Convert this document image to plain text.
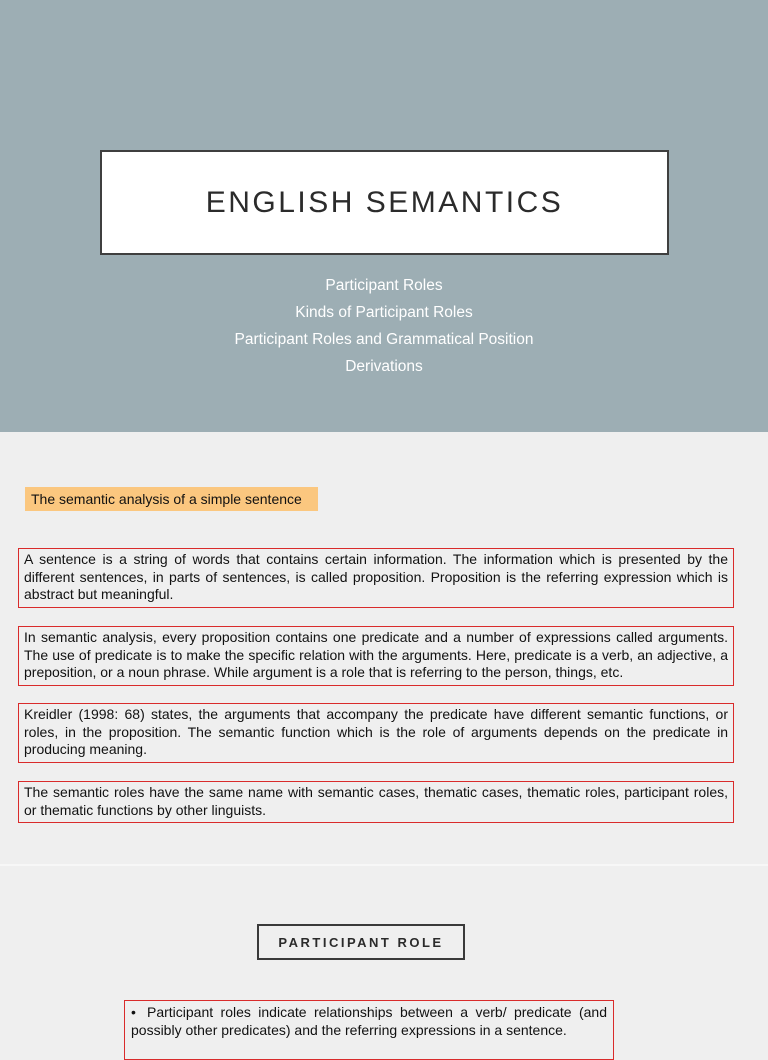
ENGLISH SEMANTICS
Participant Roles
Kinds of Participant Roles
Participant Roles and Grammatical Position
Derivations
The semantic analysis of a simple sentence
A sentence is a string of words that contains certain information. The information which is presented by the different sentences, in parts of sentences, is called proposition. Proposition is the referring expression which is abstract but meaningful.
In semantic analysis, every proposition contains one predicate and a number of expressions called arguments. The use of predicate is to make the specific relation with the arguments. Here, predicate is a verb, an adjective, a preposition, or a noun phrase. While argument is a role that is referring to the person, things, etc.
Kreidler (1998: 68) states, the arguments that accompany the predicate have different semantic functions, or roles, in the proposition. The semantic function which is the role of arguments depends on the predicate in producing meaning.
The semantic roles have the same name with semantic cases, thematic cases, thematic roles, participant roles, or thematic functions by other linguists.
PARTICIPANT ROLE
• Participant roles indicate relationships between a verb/ predicate (and possibly other predicates) and the referring expressions in a sentence.
